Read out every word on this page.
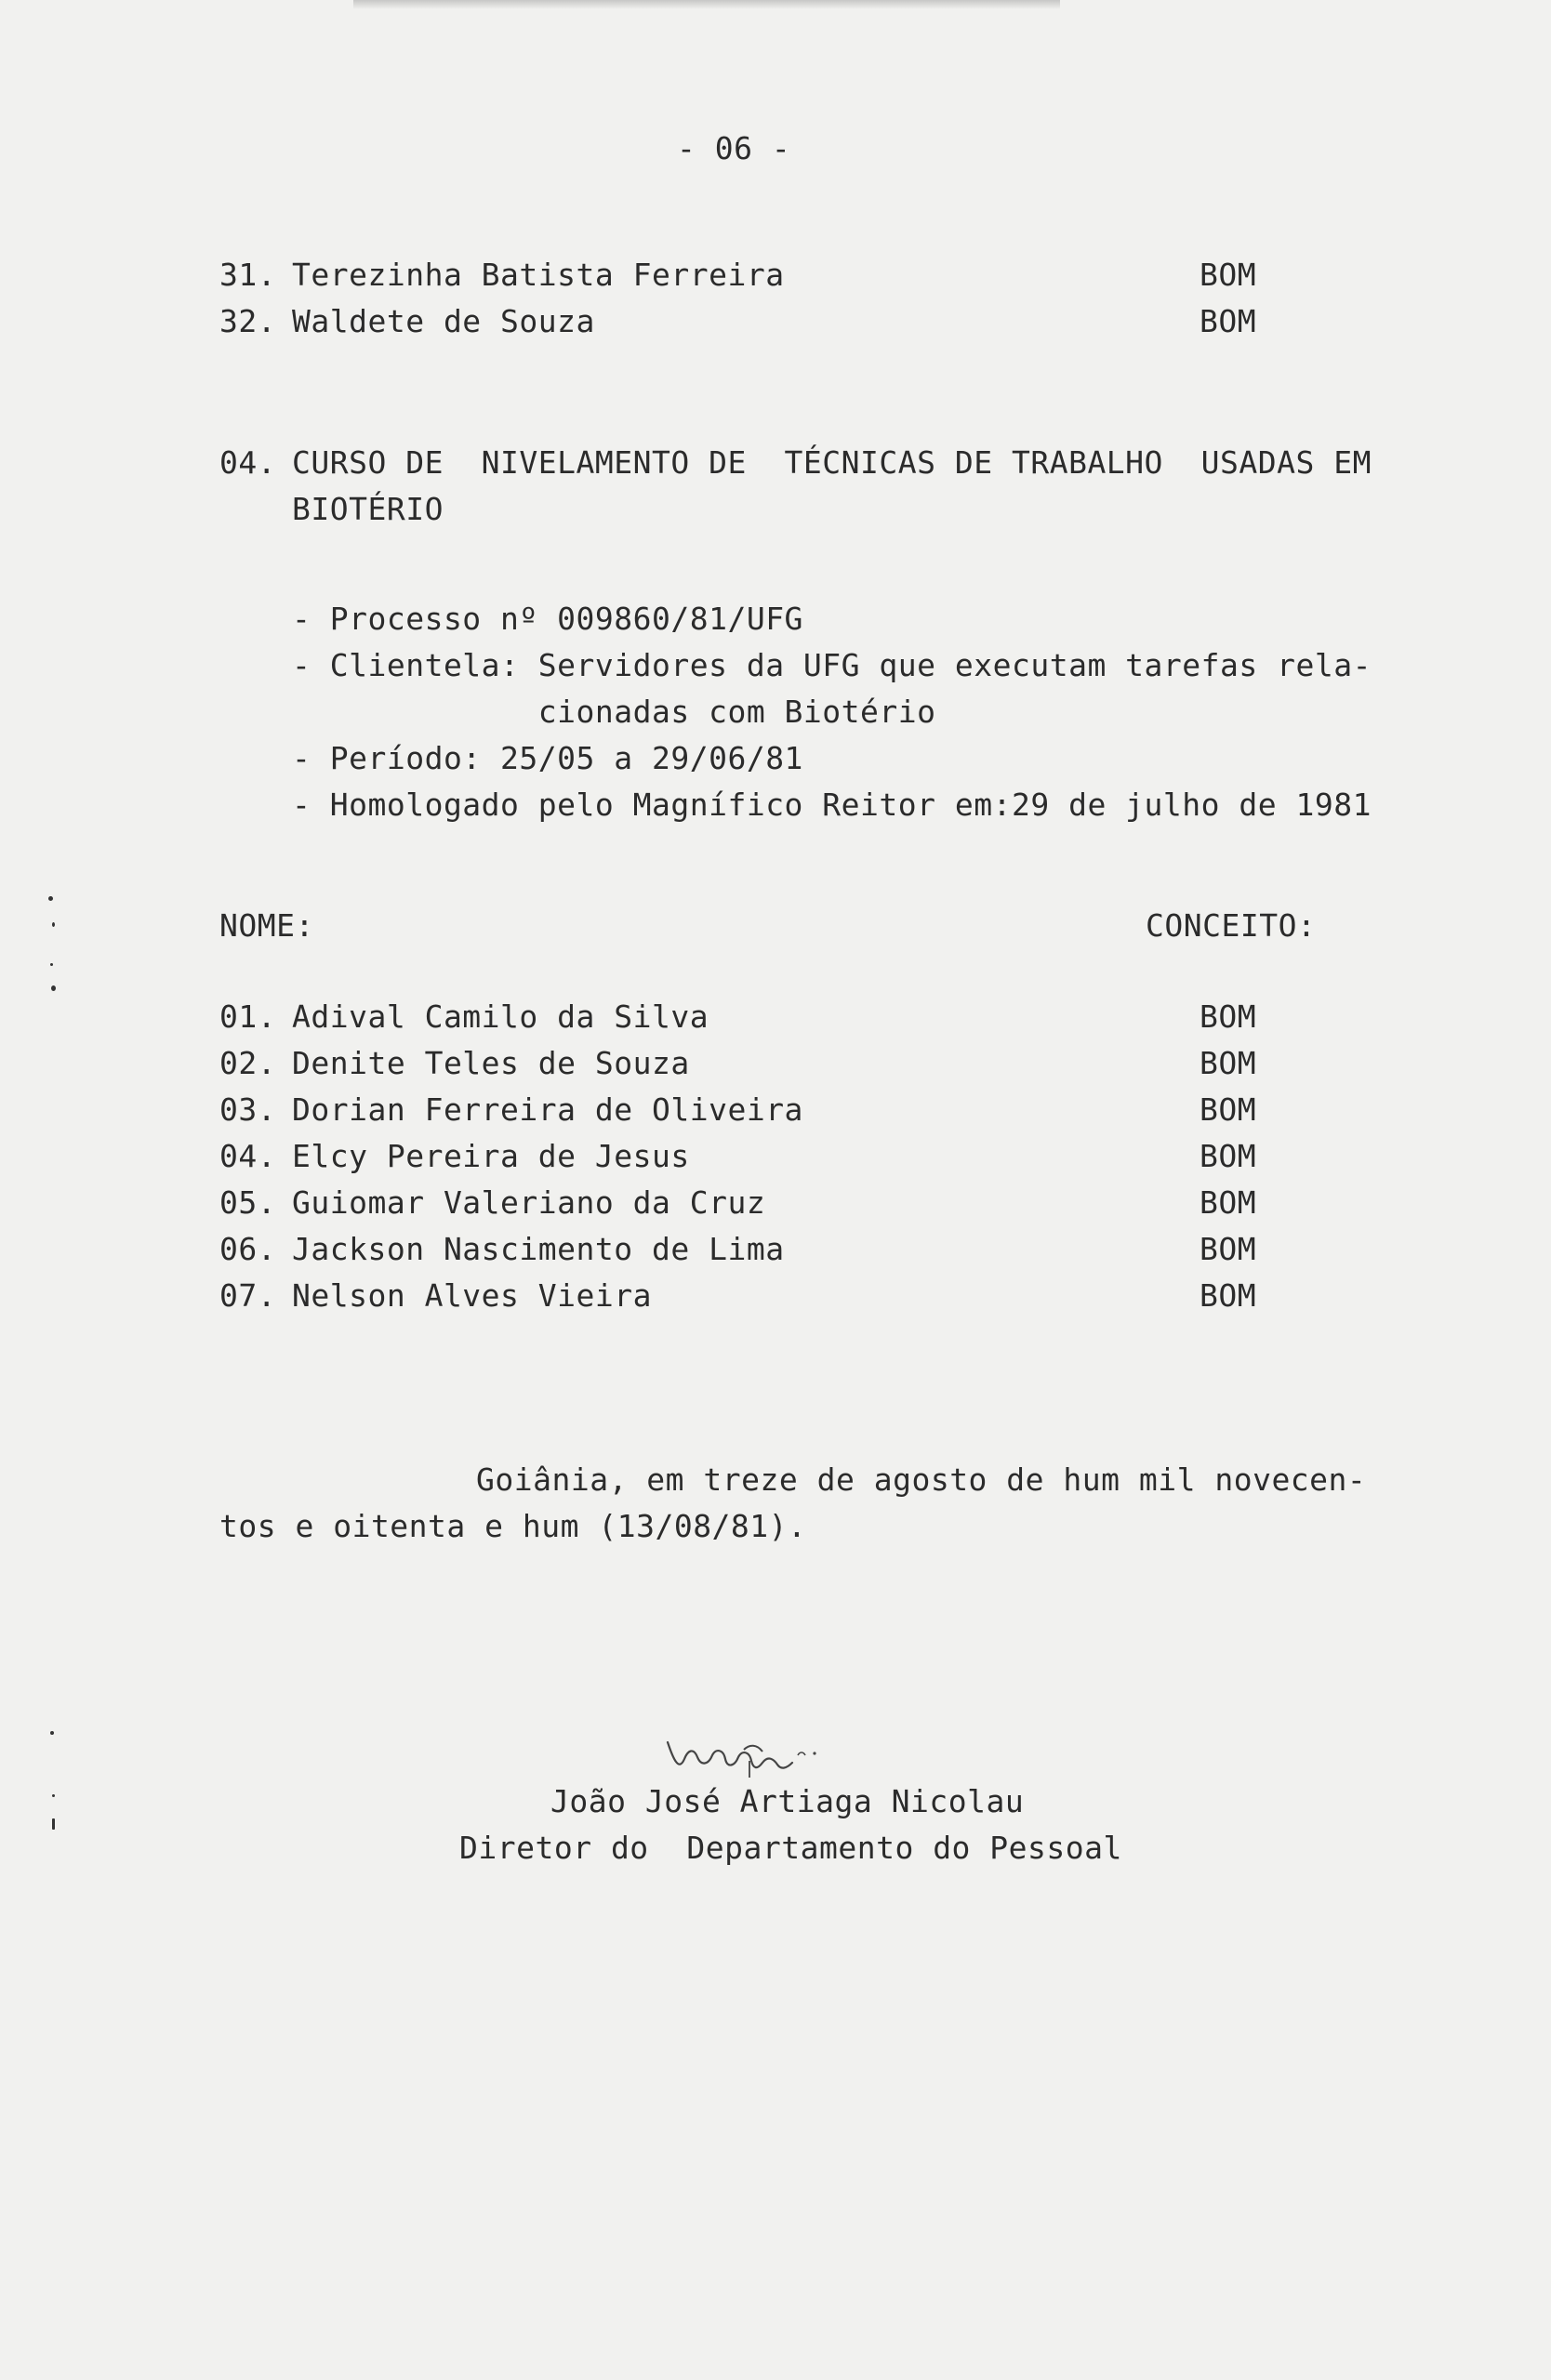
- 06 -
31. Terezinha Batista Ferreira	BOM
32. Waldete de Souza	BOM
04. CURSO DE  NIVELAMENTO DE  TÉCNICAS DE TRABALHO  USADAS EM
BIOTÉRIO
- Processo nº 009860/81/UFG
- Clientela: Servidores da UFG que executam tarefas rela-
cionadas com Biotério
- Período: 25/05 a 29/06/81
- Homologado pelo Magnífico Reitor em:29 de julho de 1981
NOME:	CONCEITO:
01. Adival Camilo da Silva	BOM
02. Denite Teles de Souza	BOM
03. Dorian Ferreira de Oliveira	BOM
04. Elcy Pereira de Jesus	BOM
05. Guiomar Valeriano da Cruz	BOM
06. Jackson Nascimento de Lima	BOM
07. Nelson Alves Vieira	BOM
Goiânia, em treze de agosto de hum mil novecen-
tos e oitenta e hum (13/08/81).
João José Artiaga Nicolau
Diretor do  Departamento do Pessoal
